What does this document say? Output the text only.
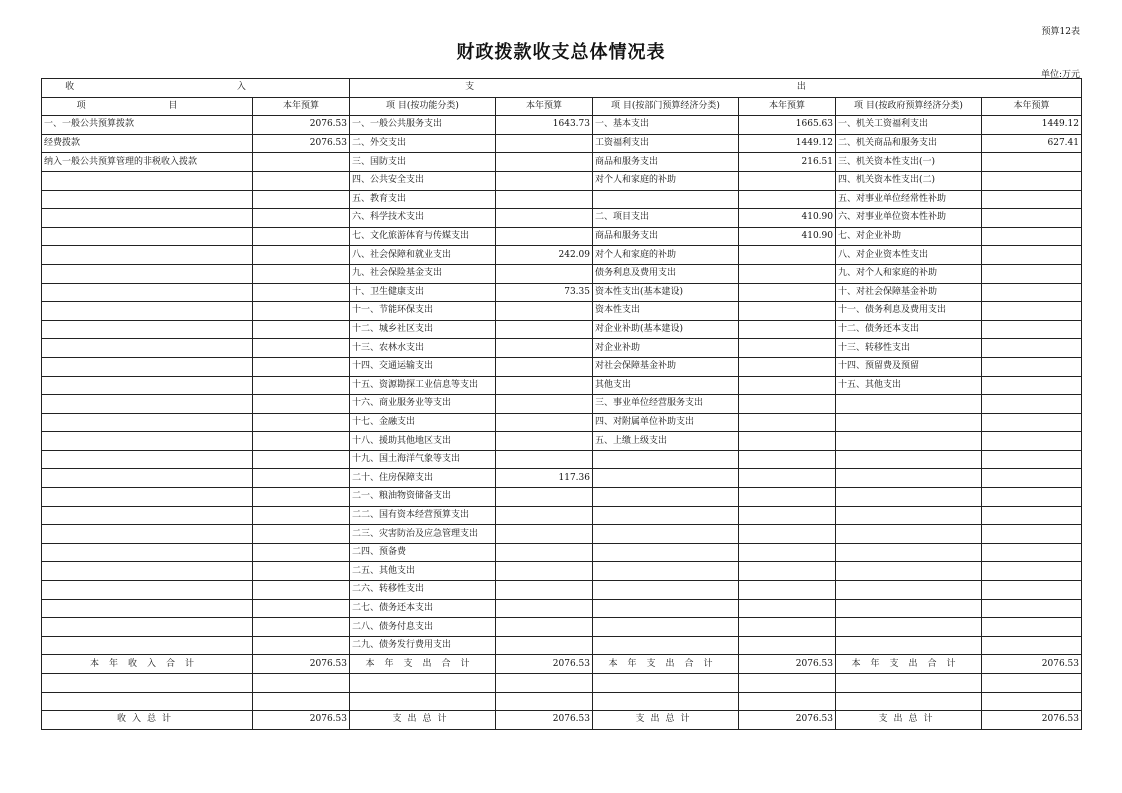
预算12表
财政拨款收支总体情况表
单位:万元
收 入		支 出					
项 目	本年预算	项 目(按功能分类)	本年预算	项 目(按部门预算经济分类)	本年预算	项 目(按政府预算经济分类)	本年预算
一、一般公共预算拨款	2076.53	一、一般公共服务支出	1643.73	一、基本支出	1665.63	一、机关工资福利支出	1449.12
经费拨款	2076.53	二、外交支出		工资福利支出	1449.12	二、机关商品和服务支出	627.41
纳入一般公共预算管理的非税收入拨款		三、国防支出		商品和服务支出	216.51	三、机关资本性支出(一)	
		四、公共安全支出		对个人和家庭的补助		四、机关资本性支出(二)	
		五、教育支出				五、对事业单位经常性补助	
		六、科学技术支出		二、项目支出	410.90	六、对事业单位资本性补助	
		七、文化旅游体育与传媒支出		商品和服务支出	410.90	七、对企业补助	
		八、社会保障和就业支出	242.09	对个人和家庭的补助		八、对企业资本性支出	
		九、社会保险基金支出		债务利息及费用支出		九、对个人和家庭的补助	
		十、卫生健康支出	73.35	资本性支出(基本建设)		十、对社会保障基金补助	
		十一、节能环保支出		资本性支出		十一、债务利息及费用支出	
		十二、城乡社区支出		对企业补助(基本建设)		十二、债务还本支出	
		十三、农林水支出		对企业补助		十三、转移性支出	
		十四、交通运输支出		对社会保障基金补助		十四、预留费及预留	
		十五、资源勘探工业信息等支出		其他支出		十五、其他支出	
		十六、商业服务业等支出		三、事业单位经营服务支出			
		十七、金融支出		四、对附属单位补助支出			
		十八、援助其他地区支出		五、上缴上级支出			
		十九、国土海洋气象等支出					
		二十、住房保障支出	117.36				
		二一、粮油物资储备支出					
		二二、国有资本经营预算支出					
		二三、灾害防治及应急管理支出					
		二四、预备费					
		二五、其他支出					
		二六、转移性支出					
		二七、债务还本支出					
		二八、债务付息支出					
		二九、债务发行费用支出					
本年收入合计	2076.53	本年支出合计	2076.53	本年支出合计	2076.53	本年支出合计	2076.53

收入总计	2076.53	支出总计	2076.53	支出总计	2076.53	支出总计	2076.53
